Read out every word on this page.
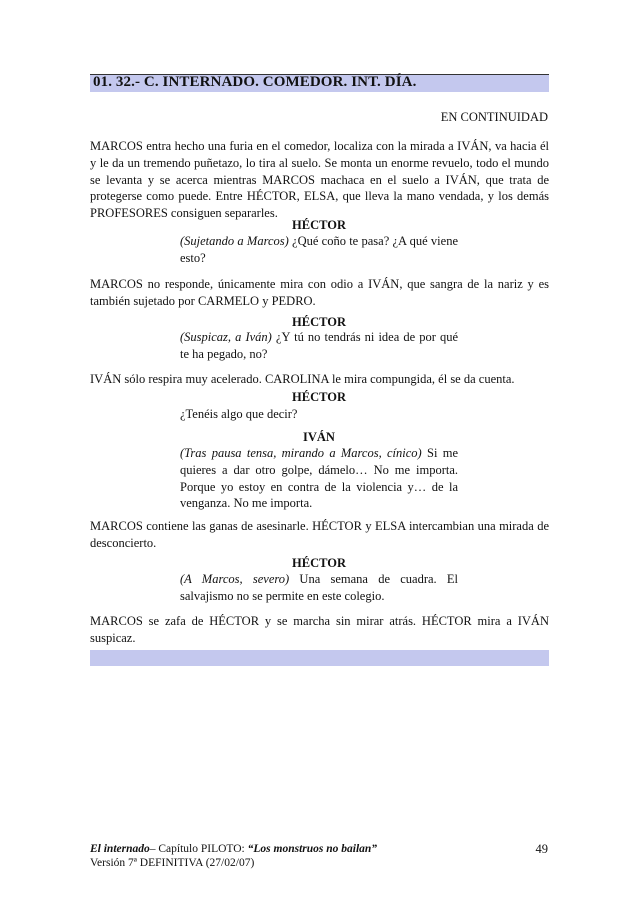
01. 32.- C. INTERNADO. COMEDOR. INT. DÍA.
EN CONTINUIDAD
MARCOS entra hecho una furia en el comedor, localiza con la mirada a IVÁN, va hacia él y le da un tremendo puñetazo, lo tira al suelo. Se monta un enorme revuelo, todo el mundo se levanta y se acerca mientras MARCOS machaca en el suelo a IVÁN, que trata de protegerse como puede. Entre HÉCTOR, ELSA, que lleva la mano vendada, y los demás PROFESORES consiguen separarles.
HÉCTOR
(Sujetando a Marcos) ¿Qué coño te pasa? ¿A qué viene esto?
MARCOS no responde, únicamente mira con odio a IVÁN, que sangra de la nariz y es también sujetado por CARMELO y PEDRO.
HÉCTOR
(Suspicaz, a Iván) ¿Y tú no tendrás ni idea de por qué te ha pegado, no?
IVÁN sólo respira muy acelerado. CAROLINA le mira compungida, él se da cuenta.
HÉCTOR
¿Tenéis algo que decir?
IVÁN
(Tras pausa tensa, mirando a Marcos, cínico) Si me quieres a dar otro golpe, dámelo… No me importa. Porque yo estoy en contra de la violencia y… de la venganza. No me importa.
MARCOS contiene las ganas de asesinarle. HÉCTOR y ELSA intercambian una mirada de desconcierto.
HÉCTOR
(A Marcos, severo) Una semana de cuadra. El salvajismo no se permite en este colegio.
MARCOS se zafa de HÉCTOR y se marcha sin mirar atrás. HÉCTOR mira a IVÁN suspicaz.
El internado– Capítulo PILOTO: “Los monstruos no bailan”
Versión 7ª DEFINITIVA (27/02/07)
49
